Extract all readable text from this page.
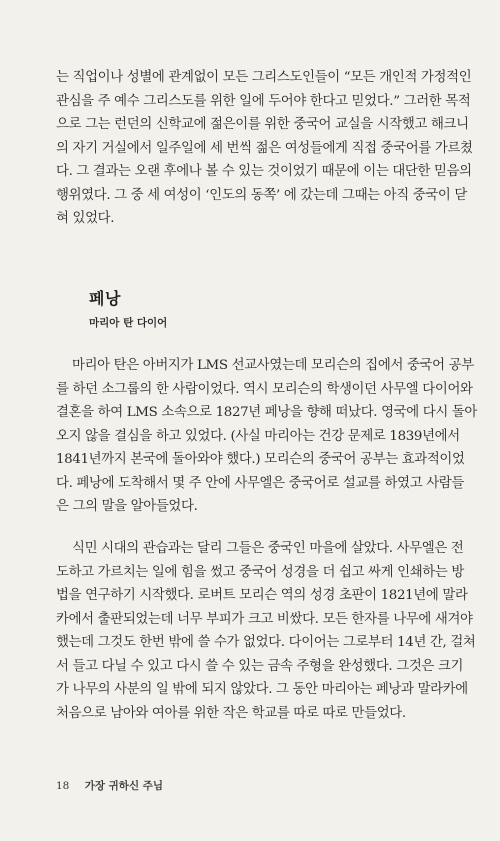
는 직업이나 성별에 관계없이 모든 그리스도인들이 “모든 개인적 가정적인
관심을 주 예수 그리스도를 위한 일에 두어야 한다고 믿었다.” 그러한 목적
으로 그는 런던의 신학교에 젊은이를 위한 중국어 교실을 시작했고 해크니
의 자기 거실에서 일주일에 세 번씩 젊은 여성들에게 직접 중국어를 가르쳤
다. 그 결과는 오랜 후에나 볼 수 있는 것이었기 때문에 이는 대단한 믿음의
행위였다. 그 중 세 여성이 ‘인도의 동쪽’ 에 갔는데 그때는 아직 중국이 닫
혀 있었다.

페낭
마리아 탄 다이어

마리아 탄은 아버지가 LMS 선교사였는데 모리슨의 집에서 중국어 공부
를 하던 소그룹의 한 사람이었다. 역시 모리슨의 학생이던 사무엘 다이어와
결혼을 하여 LMS 소속으로 1827년 페낭을 향해 떠났다. 영국에 다시 돌아
오지 않을 결심을 하고 있었다. (사실 마리아는 건강 문제로 1839년에서
1841년까지 본국에 돌아와야 했다.) 모리슨의 중국어 공부는 효과적이었
다. 페낭에 도착해서 몇 주 안에 사무엘은 중국어로 설교를 하였고 사람들
은 그의 말을 알아들었다.

식민 시대의 관습과는 달리 그들은 중국인 마을에 살았다. 사무엘은 전
도하고 가르치는 일에 힘을 썼고 중국어 성경을 더 쉽고 싸게 인쇄하는 방
법을 연구하기 시작했다. 로버트 모리슨 역의 성경 초판이 1821년에 말라
카에서 출판되었는데 너무 부피가 크고 비쌌다. 모든 한자를 나무에 새겨야
했는데 그것도 한번 밖에 쓸 수가 없었다. 다이어는 그로부터 14년 간, 걸쳐
서 들고 다닐 수 있고 다시 쓸 수 있는 금속 주형을 완성했다. 그것은 크기
가 나무의 사분의 일 밖에 되지 않았다. 그 동안 마리아는 페낭과 말라카에
처음으로 남아와 여아를 위한 작은 학교를 따로 따로 만들었다.

18 가장 귀하신 주님
